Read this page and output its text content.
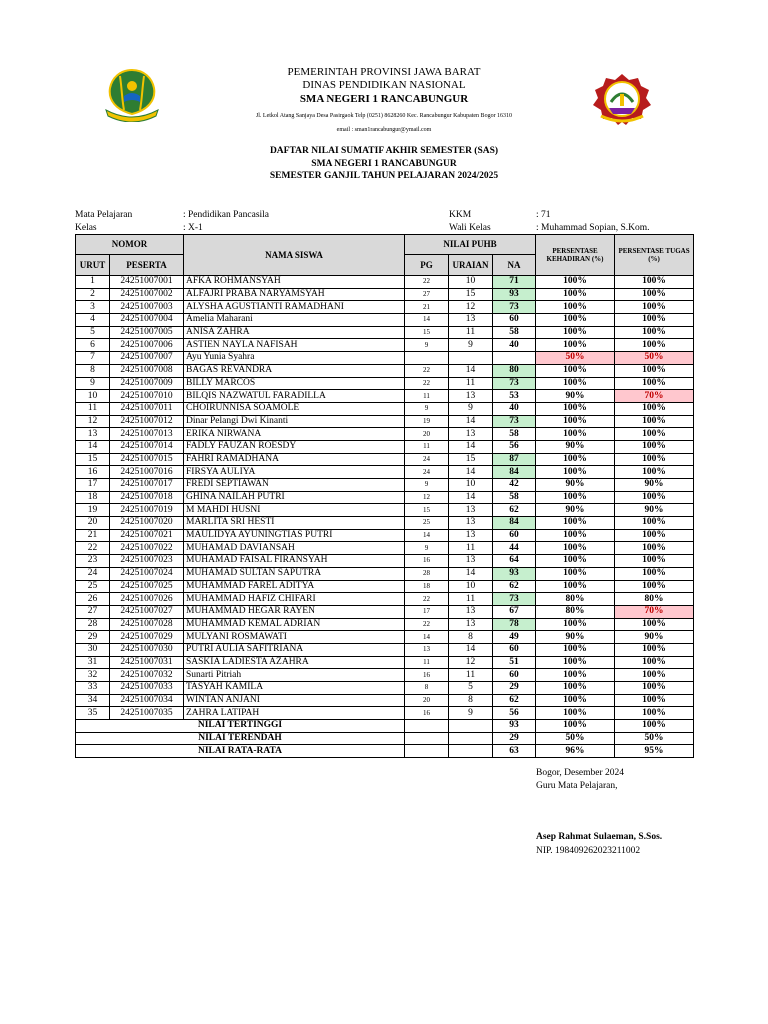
PEMERINTAH PROVINSI JAWA BARAT
DINAS PENDIDIKAN NASIONAL
SMA NEGERI 1 RANCABUNGUR
Jl. Letkol Atang Sanjaya Desa Pasirgaok Telp (0251) 8628260 Kec. Rancabungur Kabupaten Bogor 16310
email : sman1rancabungur@ymail.com
DAFTAR NILAI SUMATIF AKHIR SEMESTER (SAS)
SMA NEGERI 1 RANCABUNGUR
SEMESTER GANJIL TAHUN PELAJARAN 2024/2025
Mata Pelajaran	: Pendidikan Pancasila
Kelas	: X-1
KKM	: 71
Wali Kelas	: Muhammad Sopian, S.Kom.
NOMOR		NAMA SISWA	NILAI PUHB			PERSENTASE KEHADIRAN (%)	PERSENTASE TUGAS (%)
URUT	PESERTA		PG	URAIAN	NA		
1	24251007001	AFKA ROHMANSYAH	22	10	71	100%	100%
2	24251007002	ALFAJRI PRABA NARYAMSYAH	27	15	93	100%	100%
3	24251007003	ALYSHA AGUSTIANTI RAMADHANI	21	12	73	100%	100%
4	24251007004	Amelia Maharani	14	13	60	100%	100%
5	24251007005	ANISA ZAHRA	15	11	58	100%	100%
6	24251007006	ASTIEN NAYLA NAFISAH	9	9	40	100%	100%
7	24251007007	Ayu Yunia Syahra				50%	50%
8	24251007008	BAGAS REVANDRA	22	14	80	100%	100%
9	24251007009	BILLY MARCOS	22	11	73	100%	100%
10	24251007010	BILQIS NAZWATUL FARADILLA	11	13	53	90%	70%
11	24251007011	CHOIRUNNISA SOAMOLE	9	9	40	100%	100%
12	24251007012	Dinar Pelangi Dwi Kinanti	19	14	73	100%	100%
13	24251007013	ERIKA NIRWANA	20	13	58	100%	100%
14	24251007014	FADLY FAUZAN ROESDY	11	14	56	90%	100%
15	24251007015	FAHRI RAMADHANA	24	15	87	100%	100%
16	24251007016	FIRSYA AULIYA	24	14	84	100%	100%
17	24251007017	FREDI SEPTIAWAN	9	10	42	90%	90%
18	24251007018	GHINA NAILAH PUTRI	12	14	58	100%	100%
19	24251007019	M MAHDI HUSNI	15	13	62	90%	90%
20	24251007020	MARLITA SRI HESTI	25	13	84	100%	100%
21	24251007021	MAULIDYA AYUNINGTIAS PUTRI	14	13	60	100%	100%
22	24251007022	MUHAMAD DAVIANSAH	9	11	44	100%	100%
23	24251007023	MUHAMAD FAISAL FIRANSYAH	16	13	64	100%	100%
24	24251007024	MUHAMAD SULTAN SAPUTRA	28	14	93	100%	100%
25	24251007025	MUHAMMAD FAREL ADITYA	18	10	62	100%	100%
26	24251007026	MUHAMMAD HAFIZ CHIFARI	22	11	73	80%	80%
27	24251007027	MUHAMMAD HEGAR RAYEN	17	13	67	80%	70%
28	24251007028	MUHAMMAD KEMAL ADRIAN	22	13	78	100%	100%
29	24251007029	MULYANI ROSMAWATI	14	8	49	90%	90%
30	24251007030	PUTRI AULIA SAFITRIANA	13	14	60	100%	100%
31	24251007031	SASKIA LADIESTA AZAHRA	11	12	51	100%	100%
32	24251007032	Sunarti Pitriah	16	11	60	100%	100%
33	24251007033	TASYAH KAMILA	8	5	29	100%	100%
34	24251007034	WINTAN ANJANI	20	8	62	100%	100%
35	24251007035	ZAHRA LATIPAH	16	9	56	100%	100%
NILAI TERTINGGI					93	100%	100%
NILAI TERENDAH					29	50%	50%
NILAI RATA-RATA					63	96%	95%
Bogor, Desember 2024
Guru Mata Pelajaran,
Asep Rahmat Sulaeman, S.Sos.
NIP. 198409262023211002
